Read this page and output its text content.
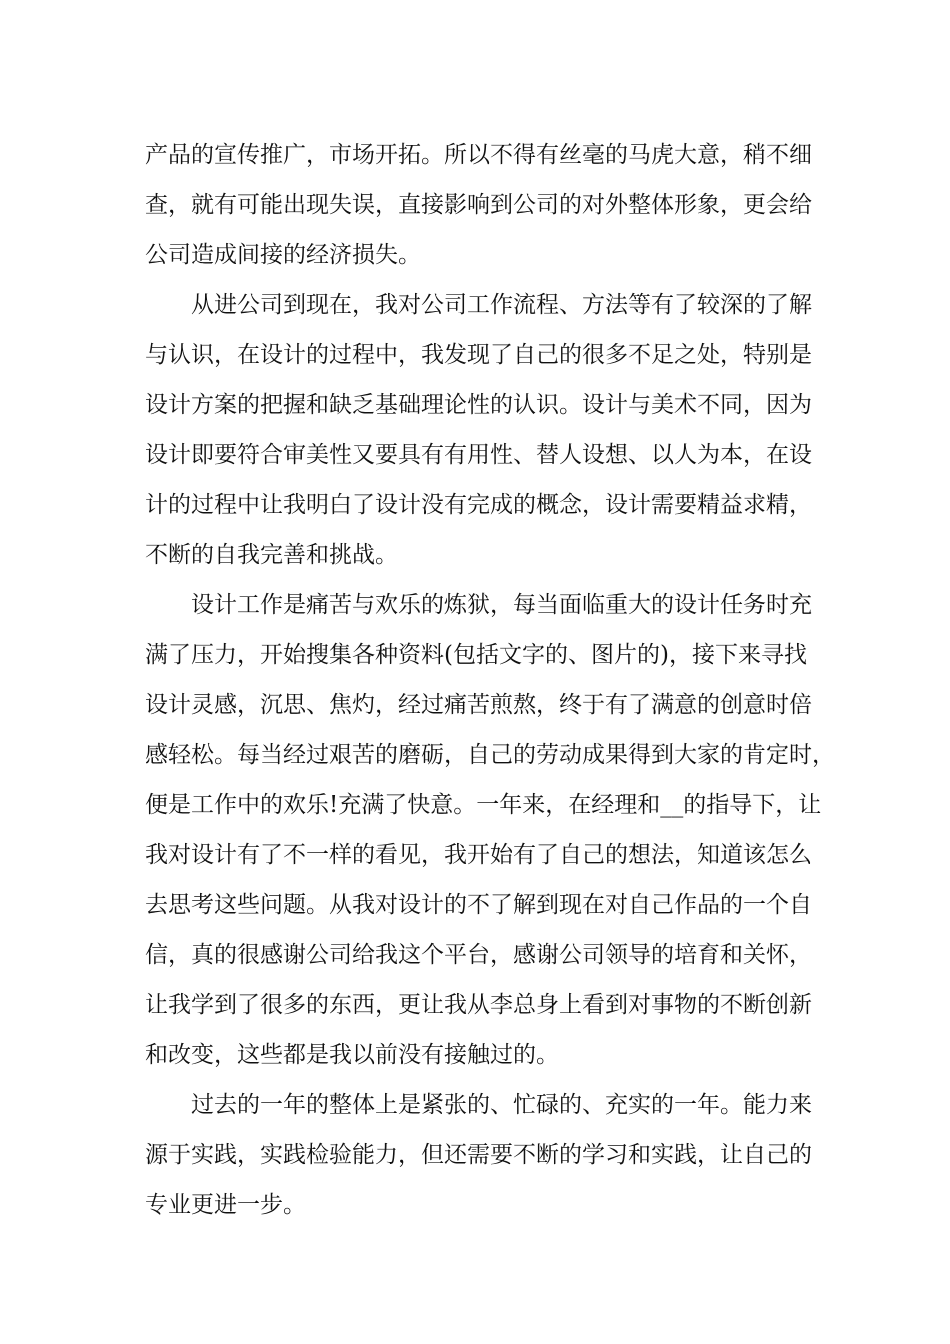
产品的宣传推广，市场开拓。所以不得有丝毫的马虎大意，稍不细
查，就有可能出现失误，直接影响到公司的对外整体形象，更会给
公司造成间接的经济损失。
从进公司到现在，我对公司工作流程、方法等有了较深的了解
与认识，在设计的过程中，我发现了自己的很多不足之处，特别是
设计方案的把握和缺乏基础理论性的认识。设计与美术不同，因为
设计即要符合审美性又要具有有用性、替人设想、以人为本，在设
计的过程中让我明白了设计没有完成的概念，设计需要精益求精，
不断的自我完善和挑战。
设计工作是痛苦与欢乐的炼狱，每当面临重大的设计任务时充
满了压力，开始搜集各种资料(包括文字的、图片的)，接下来寻找
设计灵感，沉思、焦灼，经过痛苦煎熬，终于有了满意的创意时倍
感轻松。每当经过艰苦的磨砺，自己的劳动成果得到大家的肯定时，
便是工作中的欢乐!充满了快意。一年来，在经理和__的指导下，让
我对设计有了不一样的看见，我开始有了自己的想法，知道该怎么
去思考这些问题。从我对设计的不了解到现在对自己作品的一个自
信，真的很感谢公司给我这个平台，感谢公司领导的培育和关怀，
让我学到了很多的东西，更让我从李总身上看到对事物的不断创新
和改变，这些都是我以前没有接触过的。
过去的一年的整体上是紧张的、忙碌的、充实的一年。能力来
源于实践，实践检验能力，但还需要不断的学习和实践，让自己的
专业更进一步。
